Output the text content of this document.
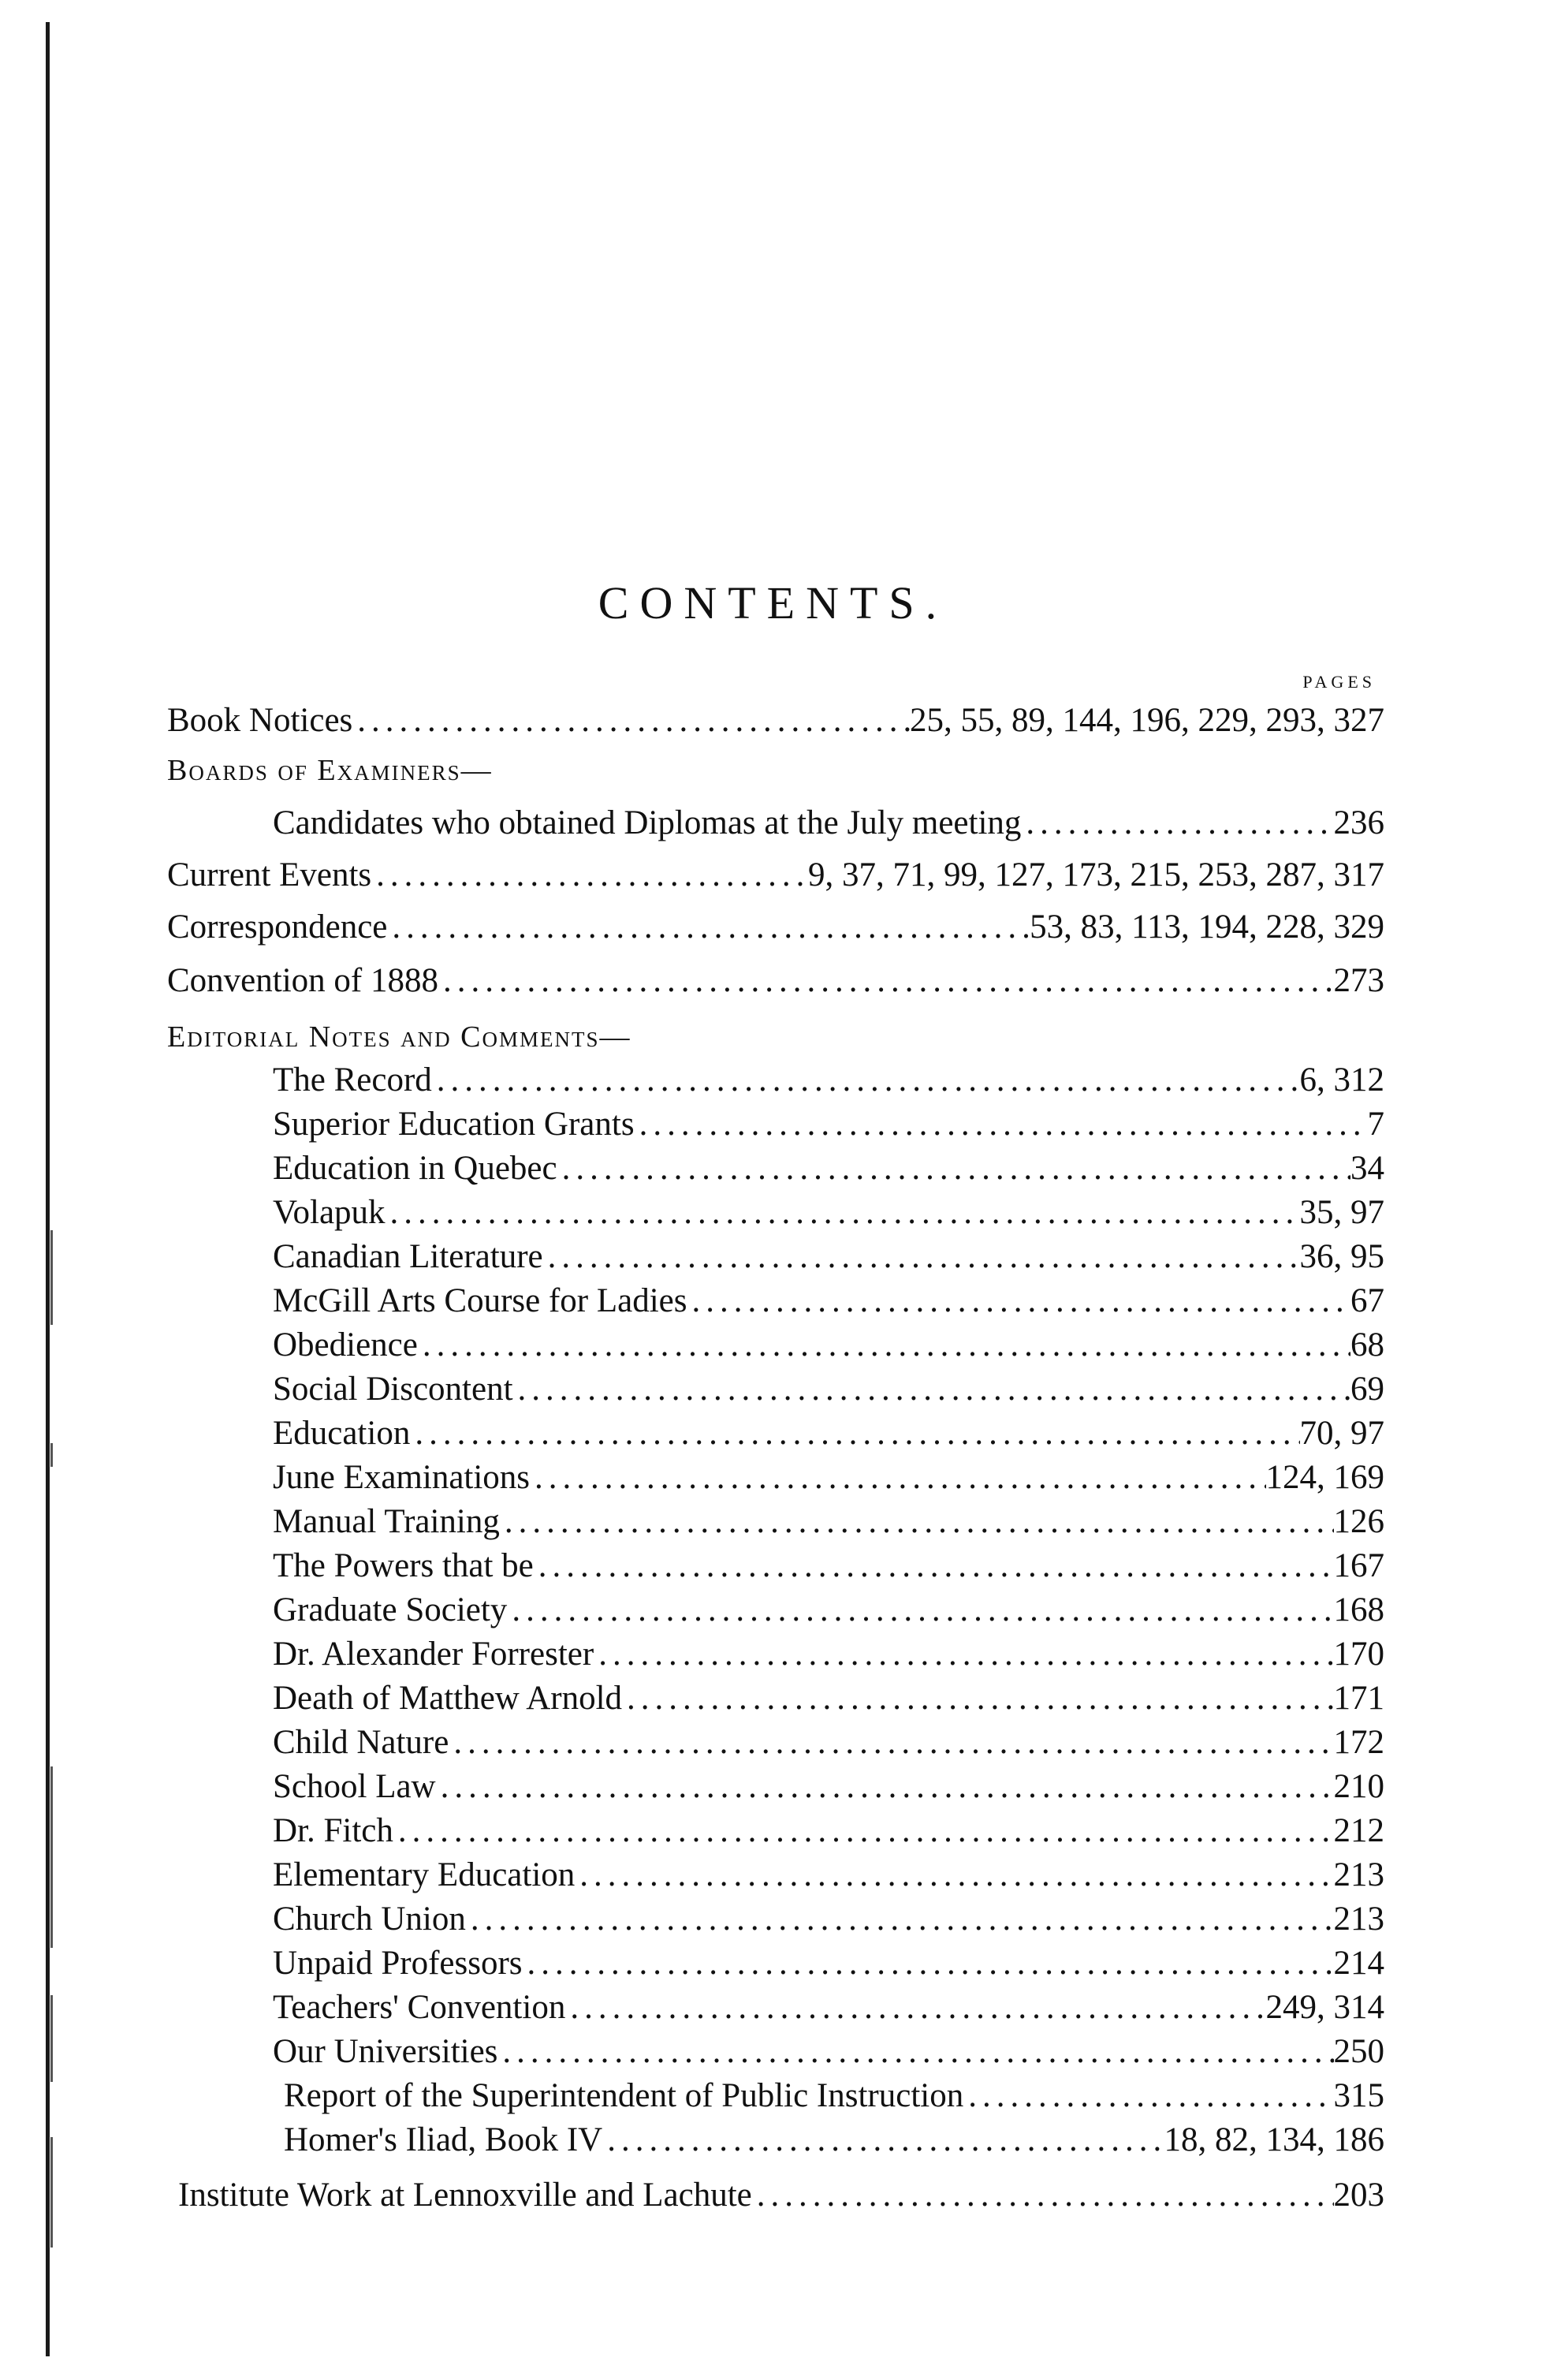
CONTENTS.
PAGES
Book Notices .....	25, 55, 89, 144, 196, 229, 293, 327
Boards of Examiners—
Candidates who obtained Diplomas at the July meeting .....	236
Current Events .....	9, 37, 71, 99, 127, 173, 215, 253, 287, 317
Correspondence .....	53, 83, 113, 194, 228, 329
Convention of 1888 .....	273
Editorial Notes and Comments—
The Record .....	6, 312
Superior Education Grants .....	7
Education in Quebec .....	34
Volapuk .....	35, 97
Canadian Literature .....	36, 95
McGill Arts Course for Ladies .....	67
Obedience .....	68
Social Discontent .....	69
Education .....	70, 97
June Examinations .....	124, 169
Manual Training .....	126
The Powers that be .....	167
Graduate Society .....	168
Dr. Alexander Forrester .....	170
Death of Matthew Arnold .....	171
Child Nature .....	172
School Law .....	210
Dr. Fitch .....	212
Elementary Education .....	213
Church Union .....	213
Unpaid Professors .....	214
Teachers' Convention .....	249, 314
Our Universities .....	250
Report of the Superintendent of Public Instruction .....	315
Homer's Iliad, Book IV .....	18, 82, 134, 186
Institute Work at Lennoxville and Lachute .....	203
